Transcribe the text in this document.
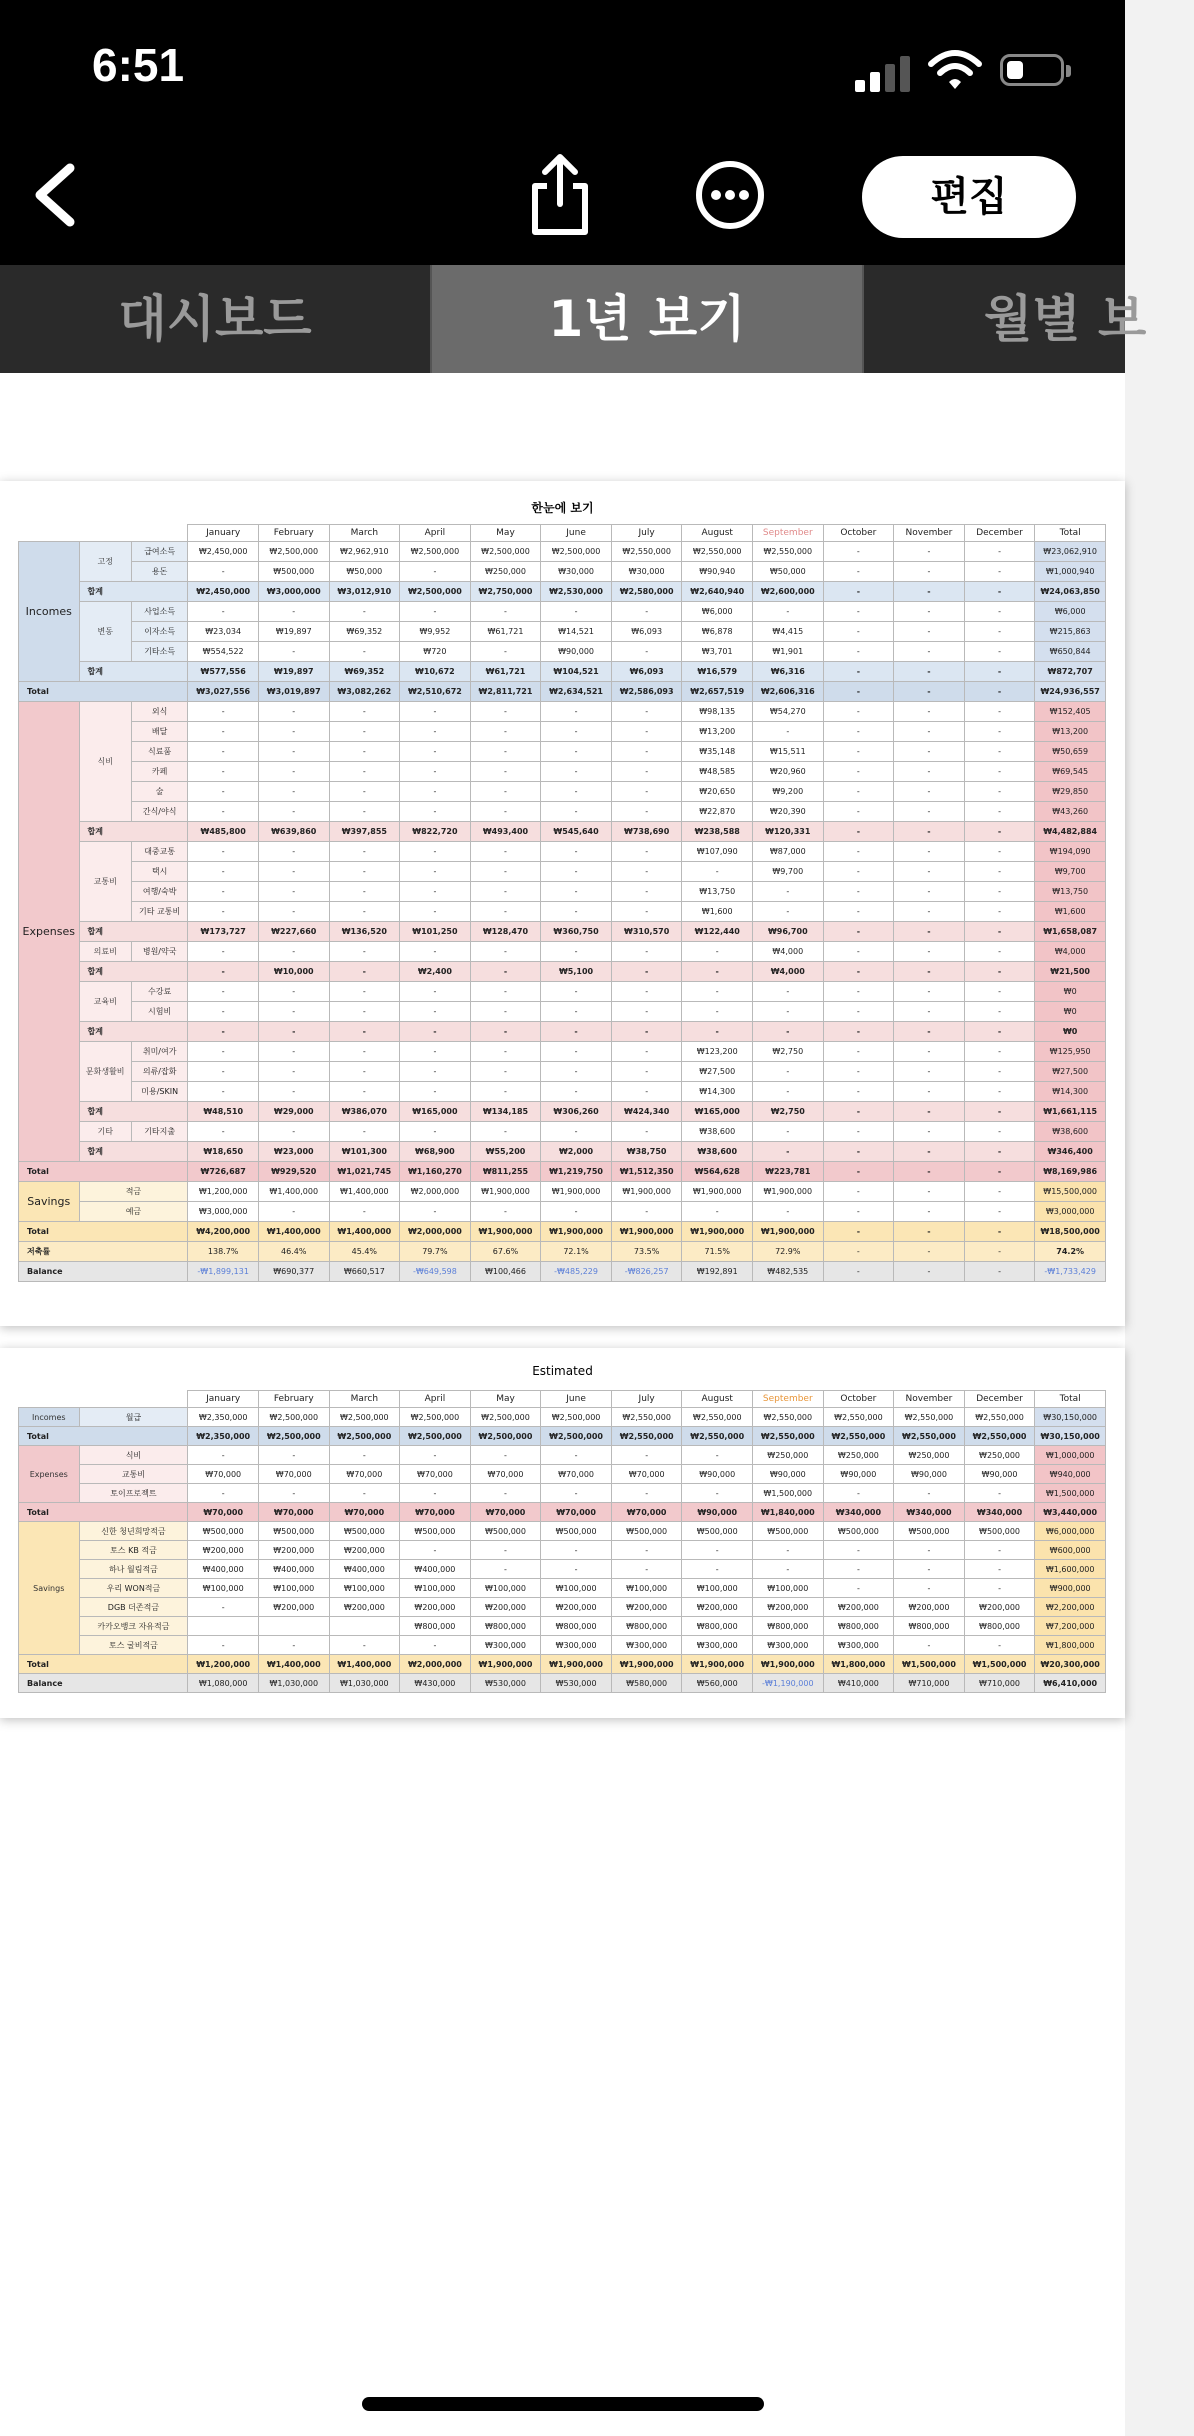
6:51
편집
대시보드	1년 보기	월별 보
한눈에 보기
			January	February	March	April	May	June	July	August	September	October	November	December	Total
Incomes	고정	급여소득	₩2,450,000	₩2,500,000	₩2,962,910	₩2,500,000	₩2,500,000	₩2,500,000	₩2,550,000	₩2,550,000	₩2,550,000	-	-	-	₩23,062,910
		용돈	-	₩500,000	₩50,000	-	₩250,000	₩30,000	₩30,000	₩90,940	₩50,000	-	-	-	₩1,000,940
	합계		₩2,450,000	₩3,000,000	₩3,012,910	₩2,500,000	₩2,750,000	₩2,530,000	₩2,580,000	₩2,640,940	₩2,600,000	-	-	-	₩24,063,850
	변동	사업소득	-	-	-	-	-	-	-	₩6,000	-	-	-	-	₩6,000
		이자소득	₩23,034	₩19,897	₩69,352	₩9,952	₩61,721	₩14,521	₩6,093	₩6,878	₩4,415	-	-	-	₩215,863
		기타소득	₩554,522	-	-	₩720	-	₩90,000	-	₩3,701	₩1,901	-	-	-	₩650,844
	합계		₩577,556	₩19,897	₩69,352	₩10,672	₩61,721	₩104,521	₩6,093	₩16,579	₩6,316	-	-	-	₩872,707
Total			₩3,027,556	₩3,019,897	₩3,082,262	₩2,510,672	₩2,811,721	₩2,634,521	₩2,586,093	₩2,657,519	₩2,606,316	-	-	-	₩24,936,557
Expenses	식비	외식	-	-	-	-	-	-	-	₩98,135	₩54,270	-	-	-	₩152,405
		배달	-	-	-	-	-	-	-	₩13,200	-	-	-	-	₩13,200
		식료품	-	-	-	-	-	-	-	₩35,148	₩15,511	-	-	-	₩50,659
		카페	-	-	-	-	-	-	-	₩48,585	₩20,960	-	-	-	₩69,545
		술	-	-	-	-	-	-	-	₩20,650	₩9,200	-	-	-	₩29,850
		간식/야식	-	-	-	-	-	-	-	₩22,870	₩20,390	-	-	-	₩43,260
	합계		₩485,800	₩639,860	₩397,855	₩822,720	₩493,400	₩545,640	₩738,690	₩238,588	₩120,331	-	-	-	₩4,482,884
	교통비	대중교통	-	-	-	-	-	-	-	₩107,090	₩87,000	-	-	-	₩194,090
		택시	-	-	-	-	-	-	-	-	₩9,700	-	-	-	₩9,700
		여행/숙박	-	-	-	-	-	-	-	₩13,750	-	-	-	-	₩13,750
		기타 교통비	-	-	-	-	-	-	-	₩1,600	-	-	-	-	₩1,600
	합계		₩173,727	₩227,660	₩136,520	₩101,250	₩128,470	₩360,750	₩310,570	₩122,440	₩96,700	-	-	-	₩1,658,087
	의료비	병원/약국	-	-	-	-	-	-	-	-	₩4,000	-	-	-	₩4,000
	합계		-	₩10,000	-	₩2,400	-	₩5,100	-	-	₩4,000	-	-	-	₩21,500
	교육비	수강료	-	-	-	-	-	-	-	-	-	-	-	-	₩0
		시험비	-	-	-	-	-	-	-	-	-	-	-	-	₩0
	합계		-	-	-	-	-	-	-	-	-	-	-	-	₩0
	문화생활비	취미/여가	-	-	-	-	-	-	-	₩123,200	₩2,750	-	-	-	₩125,950
		의류/잡화	-	-	-	-	-	-	-	₩27,500	-	-	-	-	₩27,500
		미용/SKIN	-	-	-	-	-	-	-	₩14,300	-	-	-	-	₩14,300
	합계		₩48,510	₩29,000	₩386,070	₩165,000	₩134,185	₩306,260	₩424,340	₩165,000	₩2,750	-	-	-	₩1,661,115
	기타	기타지출	-	-	-	-	-	-	-	₩38,600	-	-	-	-	₩38,600
	합계		₩18,650	₩23,000	₩101,300	₩68,900	₩55,200	₩2,000	₩38,750	₩38,600	-	-	-	-	₩346,400
Total			₩726,687	₩929,520	₩1,021,745	₩1,160,270	₩811,255	₩1,219,750	₩1,512,350	₩564,628	₩223,781	-	-	-	₩8,169,986
Savings	적금		₩1,200,000	₩1,400,000	₩1,400,000	₩2,000,000	₩1,900,000	₩1,900,000	₩1,900,000	₩1,900,000	₩1,900,000	-	-	-	₩15,500,000
	예금		₩3,000,000	-	-	-	-	-	-	-	-	-	-	-	₩3,000,000
Total			₩4,200,000	₩1,400,000	₩1,400,000	₩2,000,000	₩1,900,000	₩1,900,000	₩1,900,000	₩1,900,000	₩1,900,000	-	-	-	₩18,500,000
저축률			138.7%	46.4%	45.4%	79.7%	67.6%	72.1%	73.5%	71.5%	72.9%	-	-	-	74.2%
Balance			-₩1,899,131	₩690,377	₩660,517	-₩649,598	₩100,466	-₩485,229	-₩826,257	₩192,891	₩482,535	-	-	-	-₩1,733,429
Estimated
		January	February	March	April	May	June	July	August	September	October	November	December	Total
Incomes	월급	₩2,350,000	₩2,500,000	₩2,500,000	₩2,500,000	₩2,500,000	₩2,500,000	₩2,550,000	₩2,550,000	₩2,550,000	₩2,550,000	₩2,550,000	₩2,550,000	₩30,150,000
Total		₩2,350,000	₩2,500,000	₩2,500,000	₩2,500,000	₩2,500,000	₩2,500,000	₩2,550,000	₩2,550,000	₩2,550,000	₩2,550,000	₩2,550,000	₩2,550,000	₩30,150,000
Expenses	식비	-	-	-	-	-	-	-	-	₩250,000	₩250,000	₩250,000	₩250,000	₩1,000,000
	교통비	₩70,000	₩70,000	₩70,000	₩70,000	₩70,000	₩70,000	₩70,000	₩90,000	₩90,000	₩90,000	₩90,000	₩90,000	₩940,000
	토이프로젝트	-	-	-	-	-	-	-	-	₩1,500,000	-	-	-	₩1,500,000
Total		₩70,000	₩70,000	₩70,000	₩70,000	₩70,000	₩70,000	₩70,000	₩90,000	₩1,840,000	₩340,000	₩340,000	₩340,000	₩3,440,000
Savings	신한 청년희망적금	₩500,000	₩500,000	₩500,000	₩500,000	₩500,000	₩500,000	₩500,000	₩500,000	₩500,000	₩500,000	₩500,000	₩500,000	₩6,000,000
	토스 KB 적금	₩200,000	₩200,000	₩200,000	-	-	-	-	-	-	-	-	-	₩600,000
	하나 월림적금	₩400,000	₩400,000	₩400,000	₩400,000	-	-	-	-	-	-	-	-	₩1,600,000
	우리 WON적금	₩100,000	₩100,000	₩100,000	₩100,000	₩100,000	₩100,000	₩100,000	₩100,000	₩100,000	-	-	-	₩900,000
	DGB 더존적금	-	₩200,000	₩200,000	₩200,000	₩200,000	₩200,000	₩200,000	₩200,000	₩200,000	₩200,000	₩200,000	₩200,000	₩2,200,000
	카카오뱅크 자유적금				₩800,000	₩800,000	₩800,000	₩800,000	₩800,000	₩800,000	₩800,000	₩800,000	₩800,000	₩7,200,000
	토스 굴비적금	-	-	-	-	₩300,000	₩300,000	₩300,000	₩300,000	₩300,000	₩300,000	-	-	₩1,800,000
Total		₩1,200,000	₩1,400,000	₩1,400,000	₩2,000,000	₩1,900,000	₩1,900,000	₩1,900,000	₩1,900,000	₩1,900,000	₩1,800,000	₩1,500,000	₩1,500,000	₩20,300,000
Balance		₩1,080,000	₩1,030,000	₩1,030,000	₩430,000	₩530,000	₩530,000	₩580,000	₩560,000	-₩1,190,000	₩410,000	₩710,000	₩710,000	₩6,410,000
